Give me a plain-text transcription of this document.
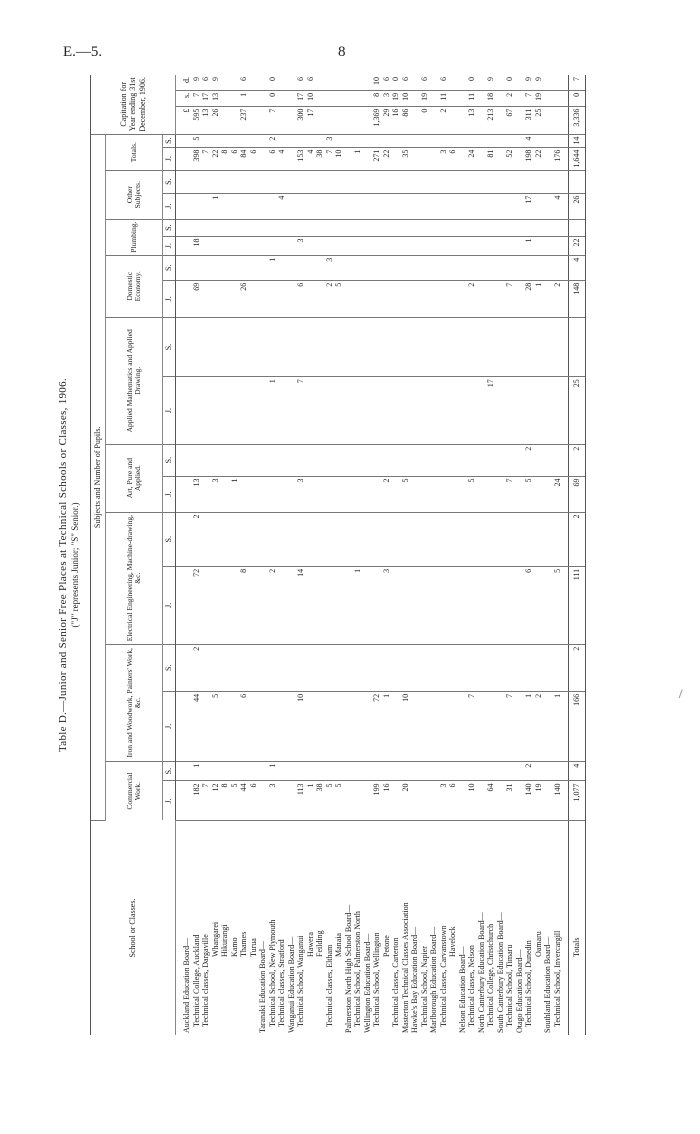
E.—5.	8
Table D.—Junior and Senior Free Places at Technical Schools or Classes, 1906. ("J" represents Junior; "S" Senior.)
School or Classes.	Subjects and Number of Pupils.																		Capitation for Year ending 31st December, 1906.		
	Commercial Work.		Iron and Woodwork, Painters' Work, &c.		Electrical Engineering, Machine-drawing, &c.		Art, Pure and Applied.		Applied Mathematics and Applied Drawing.		Domestic Economy.		Plumbing.		Other Subjects.		Totals.				
	J.	S.	J.	S.	J.	S.	J.	S.	J.	S.	J.	S.	J.	S.	J.	S.	J.	S.			

Auckland Education Board—																			£	s.	d.
Technical College, Auckland	182	1	44	2	72	2	13				69		18				398	5	595	7	9
Technical classes, Dargaville	7																7		13	17	6
Whangarei	12		5				3								1		22		26	13	9
Hikurangi	8																8				
Kamo	5						1										6				
Thames	44		6		8						26						84		237	1	6
Turua	6																6				
Taranaki Education Board—																					
Technical School, New Plymouth	3	1			2				1			1					6	2	7	0	0
Technical classes, Stratford															4		4				
Wanganui Education Board—																					
Technical School, Wanganui	113		10		14		3		7		6		3				153		300	17	6
Hawera	1																4		17	10	6
Feilding	38																38				
Technical classes, Eltham	5										2	3					7	3			
Manaia	5										5						10				
Palmerston North High School Board—																					
Technical School, Palmerston North					1												1				
Wellington Education Board—																					
Technical School, Wellington	199		72														271		1,369	8	10
Petone	16		1		3		2										22		29	3	6
Technical classes, Carterton																			16	19	0
Masterton Technical Classes Association	20		10				5										35		86	10	6
Hawke's Bay Education Board—																					
Technical School, Napier																			0	19	6
Marlborough Education Board—																					
Technical classes, Carvanstown	3																3		2	11	6
Havelock	6																6				
Nelson Education Board—																					
Technical classes, Nelson	10		7				5				2						24		13	11	0
North Canterbury Education Board—																					
Technical College, Christchurch	64								17								81		213	18	9
South Canterbury Education Board—																					
Technical School, Timaru	31		7				7				7						52		67	2	0
Otago Education Board—																					
Technical School, Dunedin	140	2	1		6		5	2			28		1		17		198	4	311	7	9
Oamaru	19		2								1						22		25	19	9
Southland Education Board—																					
Technical School, Invercargill	140		1		5		24				2				4		176				

Totals	1,077	4	166	2	111	2	69	2	25		148	4	22		26		1,644	14	3,336	0	7
